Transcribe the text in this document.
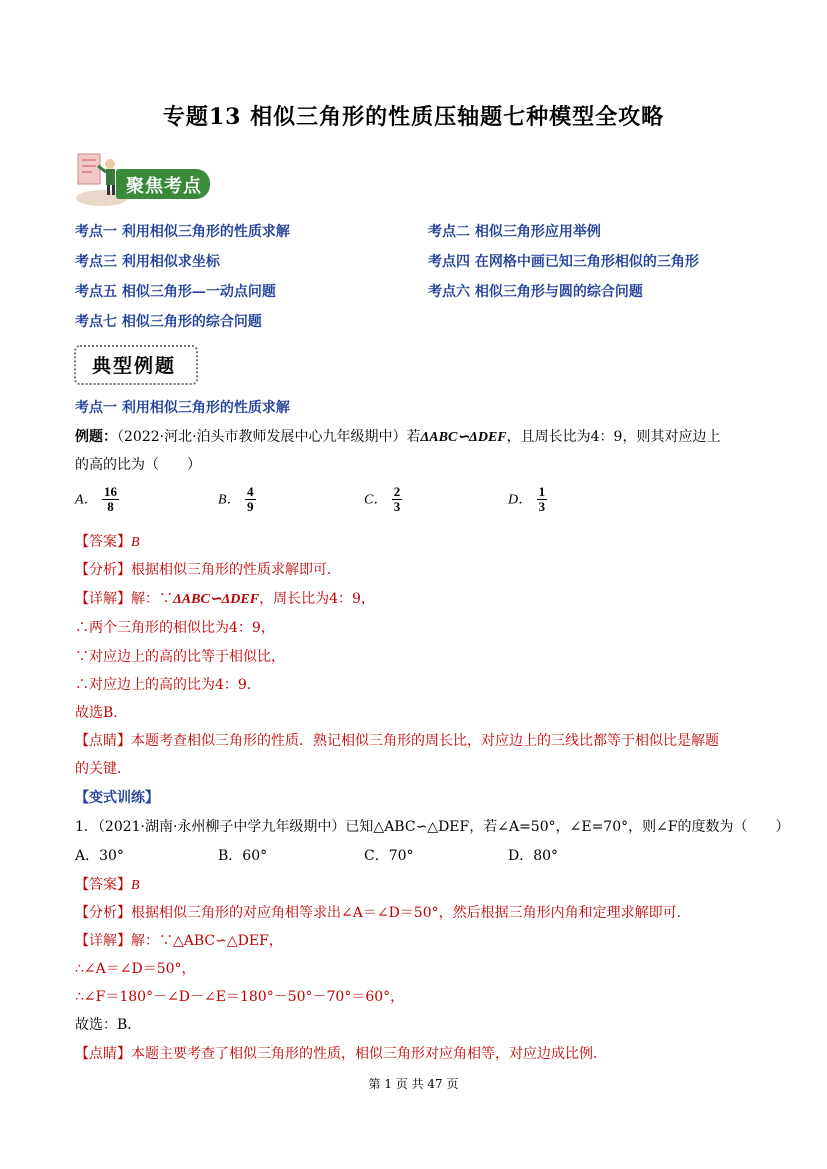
专题13 相似三角形的性质压轴题七种模型全攻略
聚焦考点
考点一 利用相似三角形的性质求解	考点二 相似三角形应用举例
考点三 利用相似求坐标	考点四 在网格中画已知三角形相似的三角形
考点五 相似三角形—一动点问题	考点六 相似三角形与圆的综合问题
考点七 相似三角形的综合问题
典型例题
考点一 利用相似三角形的性质求解
例题：（2022·河北·泊头市教师发展中心九年级期中）若ΔABC∽ΔDEF，且周长比为4：9，则其对应边上
的高的比为（　　）
A． $\frac{16}{8}$	B． $\frac{4}{9}$	C． $\frac{2}{3}$	D． $\frac{1}{3}$
【答案】B
【分析】根据相似三角形的性质求解即可．
【详解】解：∵ΔABC∽ΔDEF，周长比为4：9，
∴两个三角形的相似比为4：9，
∵对应边上的高的比等于相似比，
∴对应边上的高的比为4：9．
故选B．
【点睛】本题考查相似三角形的性质．熟记相似三角形的周长比，对应边上的三线比都等于相似比是解题
的关键．
【变式训练】
1．（2021·湖南·永州柳子中学九年级期中）已知△ABC∽△DEF，若∠A=50°，∠E=70°，则∠F的度数为（　　）
A．30°	B．60°	C．70°	D．80°
【答案】B
【分析】根据相似三角形的对应角相等求出∠A＝∠D＝50°，然后根据三角形内角和定理求解即可．
【详解】解：∵△ABC∽△DEF，
∴∠A＝∠D＝50°，
∴∠F＝180°－∠D－∠E＝180°－50°－70°＝60°，
故选：B．
【点睛】本题主要考查了相似三角形的性质，相似三角形对应角相等，对应边成比例．
第 1 页 共 47 页
